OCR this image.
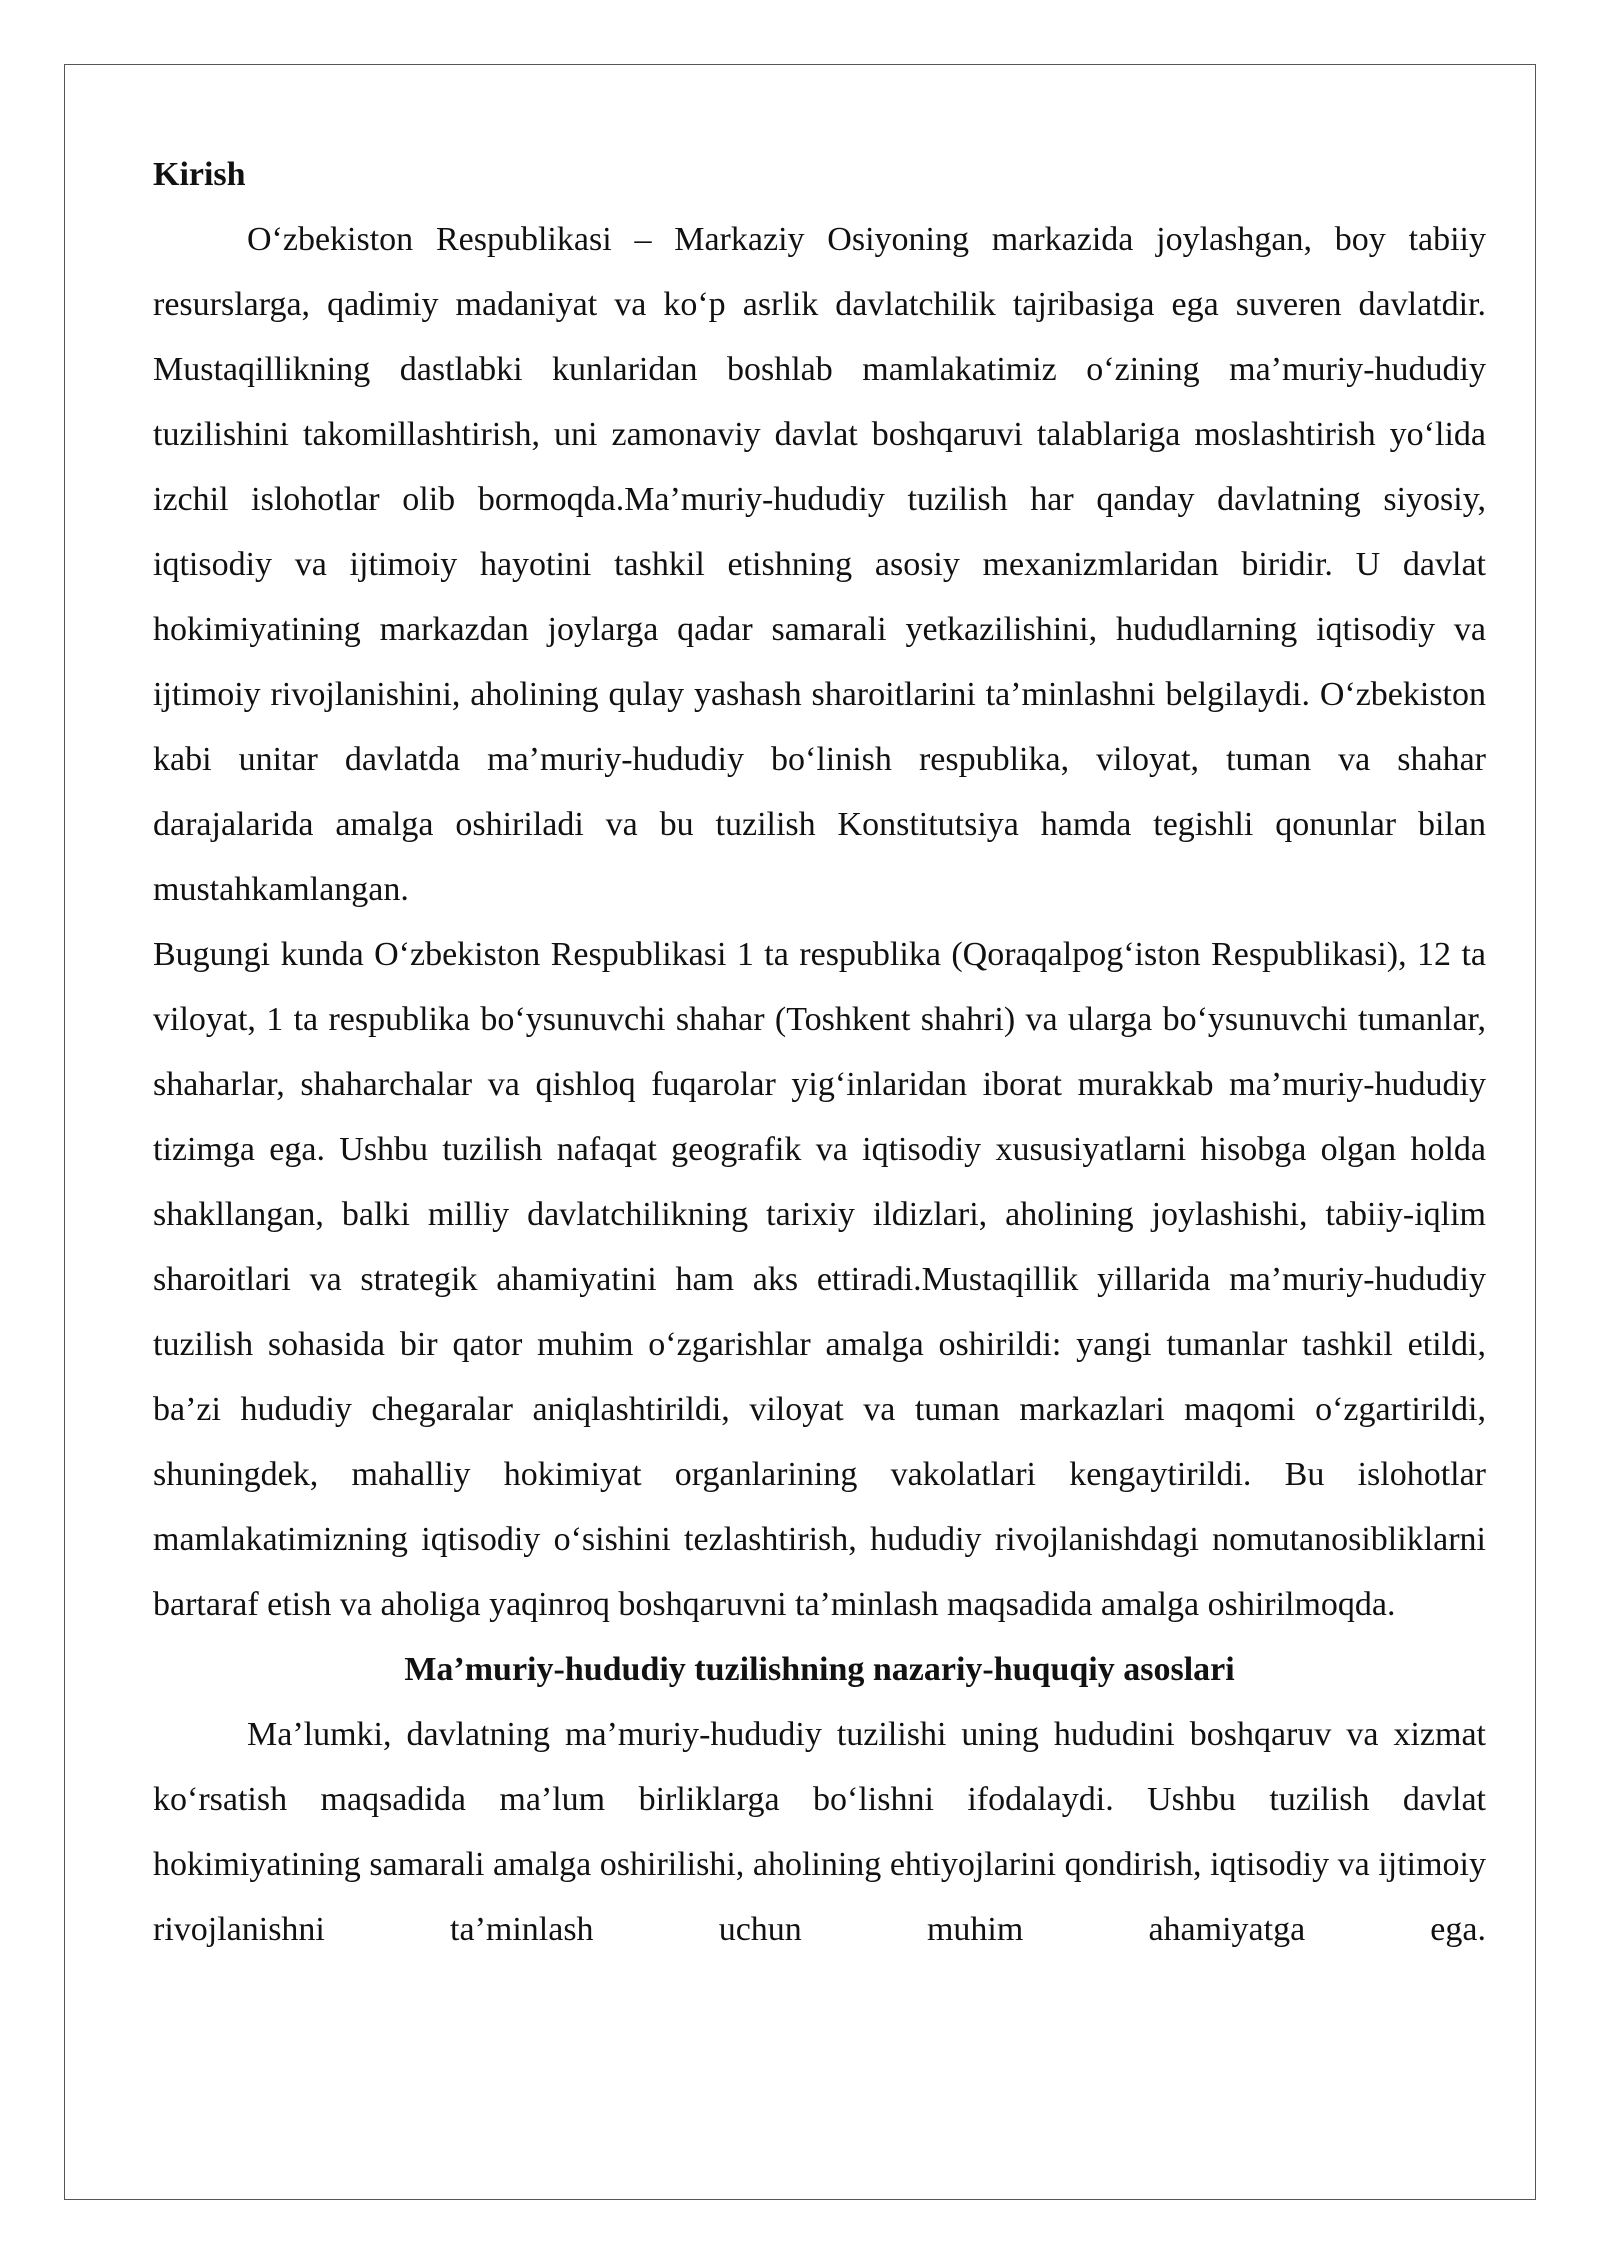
Kirish

O‘zbekiston Respublikasi – Markaziy Osiyoning markazida joylashgan, boy tabiiy resurslarga, qadimiy madaniyat va ko‘p asrlik davlatchilik tajribasiga ega suveren davlatdir. Mustaqillikning dastlabki kunlaridan boshlab mamlakatimiz o‘zining ma’muriy-hududiy tuzilishini takomillashtirish, uni zamonaviy davlat boshqaruvi talablariga moslashtirish yo‘lida izchil islohotlar olib bormoqda.Ma’muriy-hududiy tuzilish har qanday davlatning siyosiy, iqtisodiy va ijtimoiy hayotini tashkil etishning asosiy mexanizmlaridan biridir. U davlat hokimiyatining markazdan joylarga qadar samarali yetkazilishini, hududlarning iqtisodiy va ijtimoiy rivojlanishini, aholining qulay yashash sharoitlarini ta’minlashni belgilaydi. O‘zbekiston kabi unitar davlatda ma’muriy-hududiy bo‘linish respublika, viloyat, tuman va shahar darajalarida amalga oshiriladi va bu tuzilish Konstitutsiya hamda tegishli qonunlar bilan mustahkamlangan.

Bugungi kunda O‘zbekiston Respublikasi 1 ta respublika (Qoraqalpog‘iston Respublikasi), 12 ta viloyat, 1 ta respublika bo‘ysunuvchi shahar (Toshkent shahri) va ularga bo‘ysunuvchi tumanlar, shaharlar, shaharchalar va qishloq fuqarolar yig‘inlaridan iborat murakkab ma’muriy-hududiy tizimga ega. Ushbu tuzilish nafaqat geografik va iqtisodiy xususiyatlarni hisobga olgan holda shakllangan, balki milliy davlatchilikning tarixiy ildizlari, aholining joylashishi, tabiiy-iqlim sharoitlari va strategik ahamiyatini ham aks ettiradi.Mustaqillik yillarida ma’muriy-hududiy tuzilish sohasida bir qator muhim o‘zgarishlar amalga oshirildi: yangi tumanlar tashkil etildi, ba’zi hududiy chegaralar aniqlashtirildi, viloyat va tuman markazlari maqomi o‘zgartirildi, shuningdek, mahalliy hokimiyat organlarining vakolatlari kengaytirildi. Bu islohotlar mamlakatimizning iqtisodiy o‘sishini tezlashtirish, hududiy rivojlanishdagi nomutanosibliklarni bartaraf etish va aholiga yaqinroq boshqaruvni ta’minlash maqsadida amalga oshirilmoqda.

Ma’muriy-hududiy tuzilishning nazariy-huquqiy asoslari

Ma’lumki, davlatning ma’muriy-hududiy tuzilishi uning hududini boshqaruv va xizmat ko‘rsatish maqsadida ma’lum birliklarga bo‘lishni ifodalaydi. Ushbu tuzilish davlat hokimiyatining samarali amalga oshirilishi, aholining ehtiyojlarini qondirish, iqtisodiy va ijtimoiy rivojlanishni ta’minlash uchun muhim ahamiyatga ega.
